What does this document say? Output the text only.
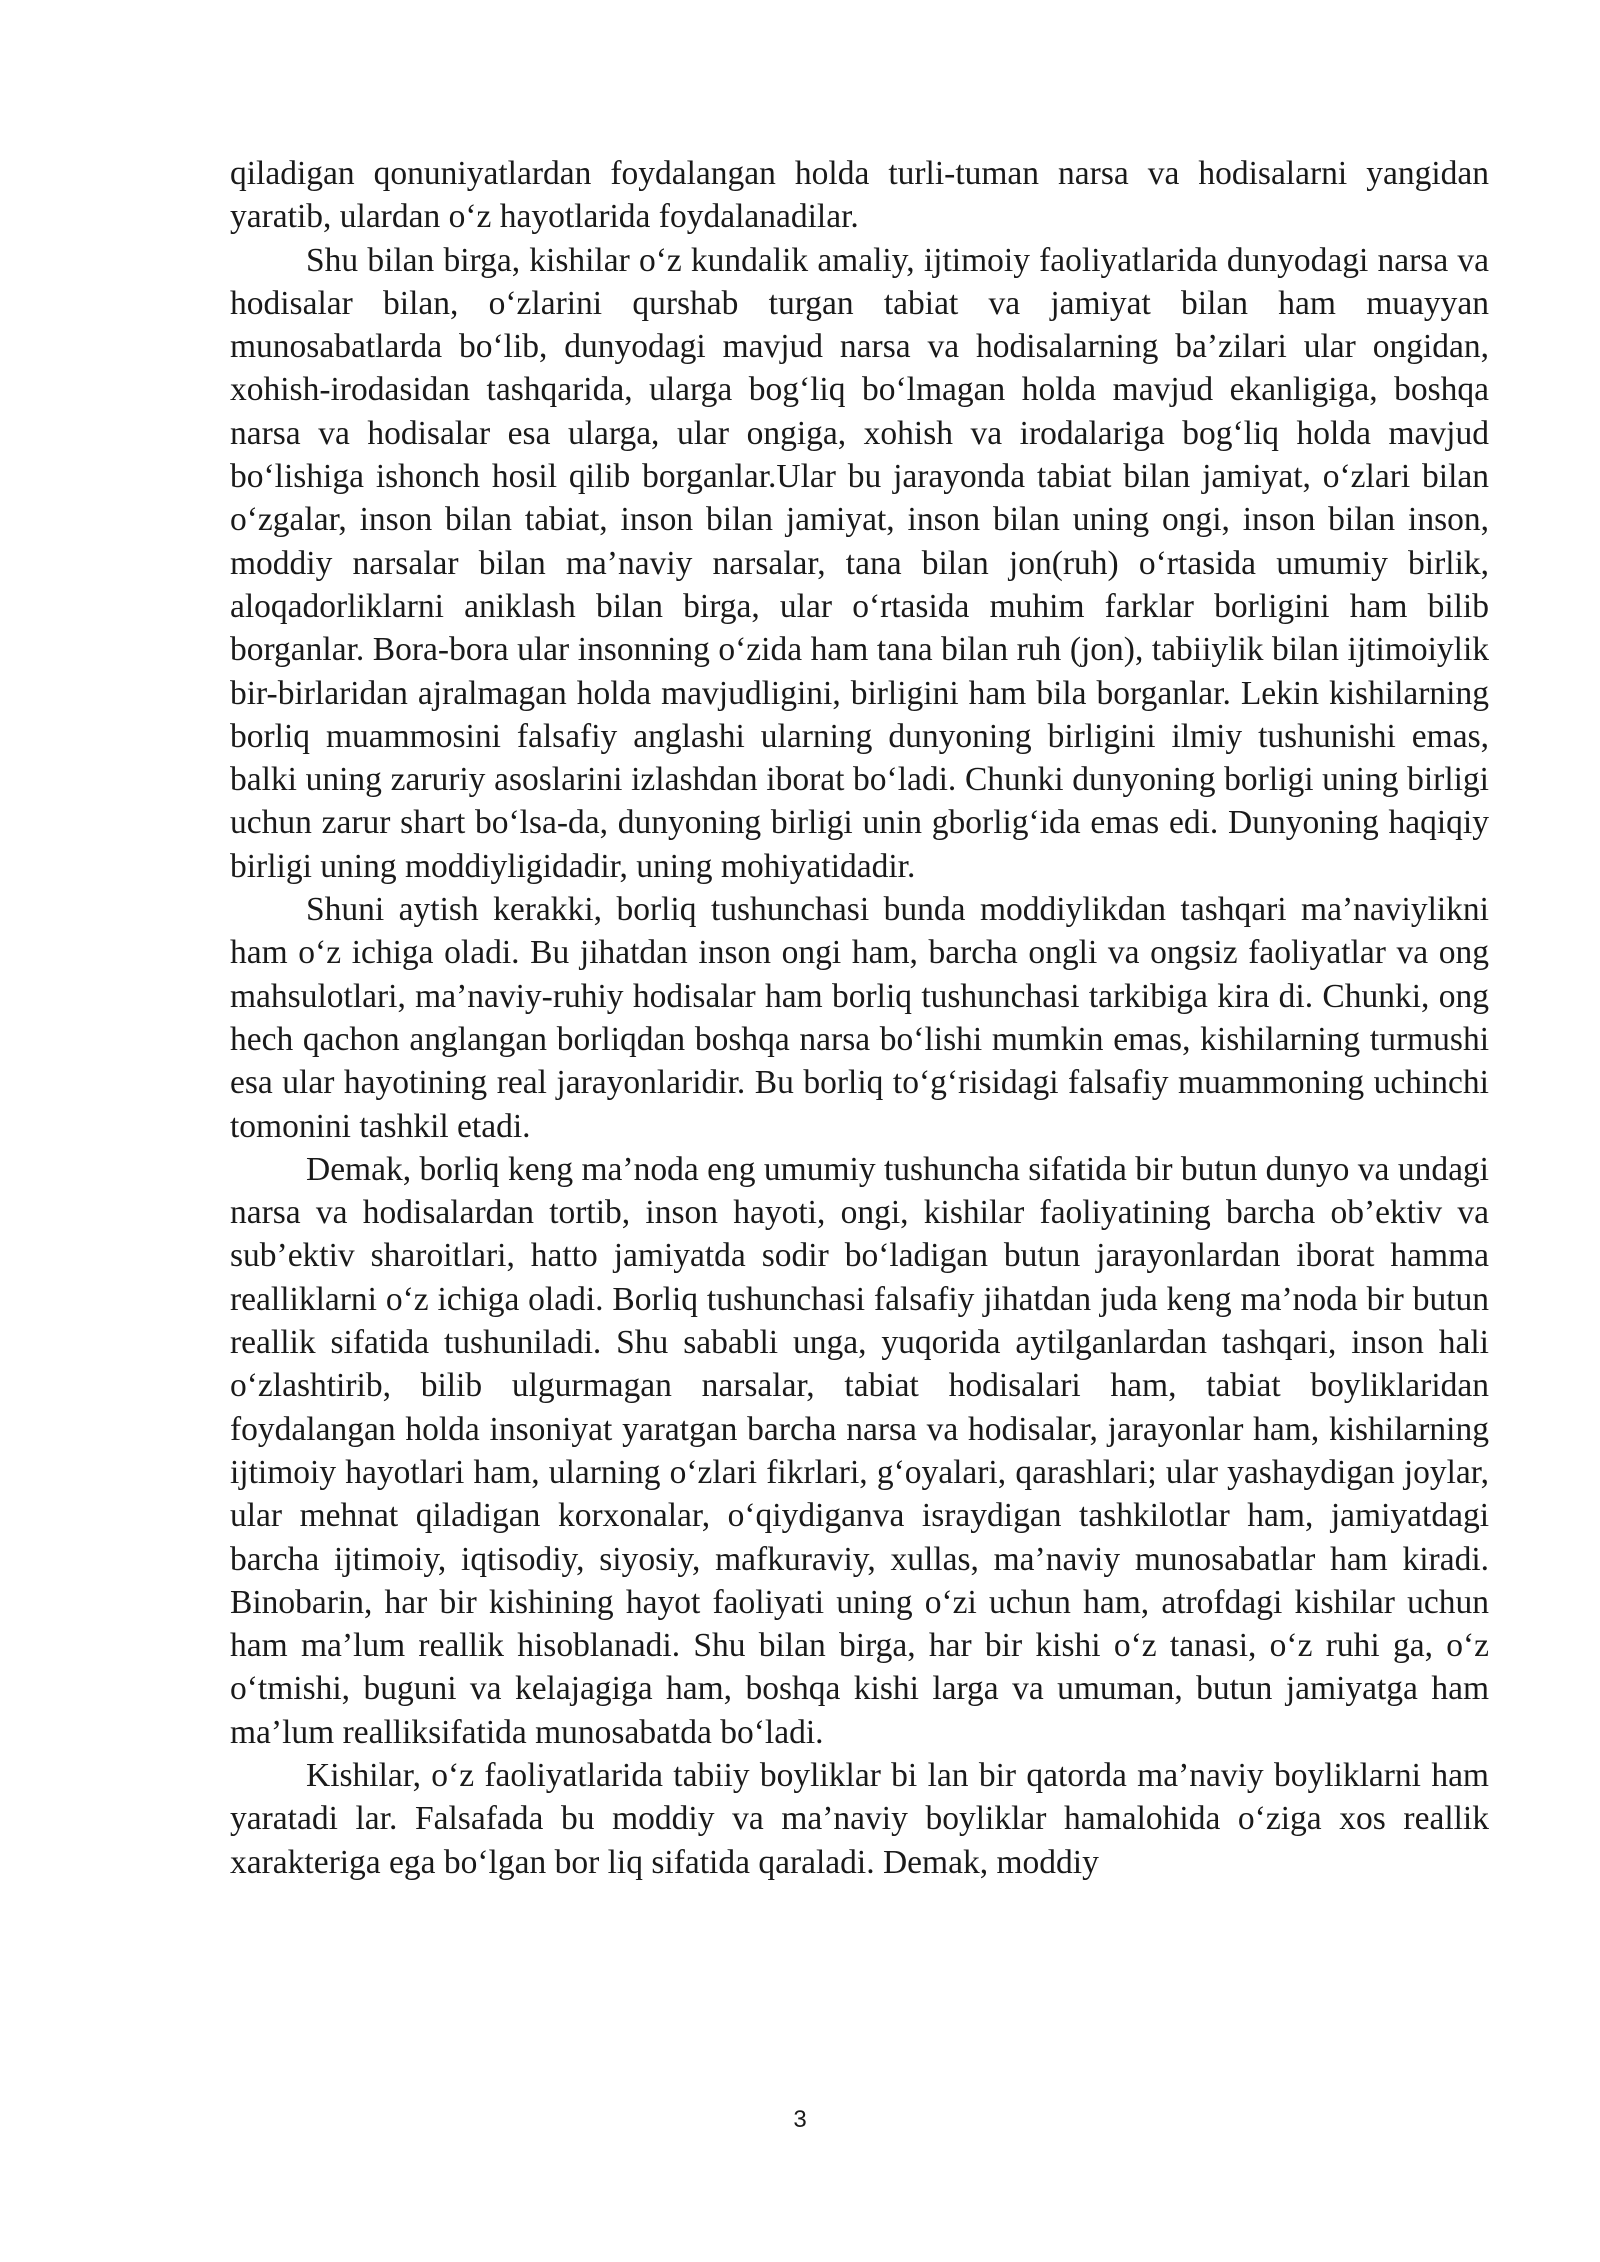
qiladigan qonuniyatlardan foydalangan holda turli-tuman narsa va hodisalarni yangidan yaratib, ulardan o‘z hayotlarida foydalanadilar.

Shu bilan birga, kishilar o‘z kundalik amaliy, ijtimoiy faoliyatlarida dunyodagi narsa va hodisalar bilan, o‘zlarini qurshab turgan tabiat va jamiyat bilan ham muayyan munosabatlarda bo‘lib, dunyodagi mavjud narsa va hodisalarning ba’zilari ular ongidan, xohish-irodasidan tashqarida, ularga bog‘liq bo‘lmagan holda mavjud ekanligiga, boshqa narsa va hodisalar esa ularga, ular ongiga, xohish va irodalariga bog‘liq holda mavjud bo‘lishiga ishonch hosil qilib borganlar.Ular bu jarayonda tabiat bilan jamiyat, o‘zlari bilan o‘zgalar, inson bilan tabiat, inson bilan jamiyat, inson bilan uning ongi, inson bilan inson, moddiy narsalar bilan ma’naviy narsalar, tana bilan jon(ruh) o‘rtasida umumiy birlik, aloqadorliklarni aniklash bilan birga, ular o‘rtasida muhim farklar borligini ham bilib borganlar. Bora-bora ular insonning o‘zida ham tana bilan ruh (jon), tabiiylik bilan ijtimoiylik bir-birlaridan ajralmagan holda mavjudligini, birligini ham bila borganlar. Lekin kishilarning borliq muammosini falsafiy anglashi ularning dunyoning birligini ilmiy tushunishi emas, balki uning zaruriy asoslarini izlashdan iborat bo‘ladi. Chunki dunyoning borligi uning birligi uchun zarur shart bo‘lsa-da, dunyoning birligi unin gborlig‘ida emas edi. Dunyoning haqiqiy birligi uning moddiyligidadir, uning mohiyatidadir.

Shuni aytish kerakki, borliq tushunchasi bunda moddiylikdan tashqari ma’naviylikni ham o‘z ichiga oladi. Bu jihatdan inson ongi ham, barcha ongli va ongsiz faoliyatlar va ong mahsulotlari, ma’naviy-ruhiy hodisalar ham borliq tushunchasi tarkibiga kira di. Chunki, ong hech qachon anglangan borliqdan boshqa narsa bo‘lishi mumkin emas, kishilarning turmushi esa ular hayotining real jarayonlaridir. Bu borliq to‘g‘risidagi falsafiy muammoning uchinchi tomonini tashkil etadi.

Demak, borliq keng ma’noda eng umumiy tushuncha sifatida bir butun dunyo va undagi narsa va hodisalardan tortib, inson hayoti, ongi, kishilar faoliyatining barcha ob’ektiv va sub’ektiv sharoitlari, hatto jamiyatda sodir bo‘ladigan butun jarayonlardan iborat hamma realliklarni o‘z ichiga oladi. Borliq tushunchasi falsafiy jihatdan juda keng ma’noda bir butun reallik sifatida tushuniladi. Shu sababli unga, yuqorida aytilganlardan tashqari, inson hali o‘zlashtirib, bilib ulgurmagan narsalar, tabiat hodisalari ham, tabiat boyliklaridan foydalangan holda insoniyat yaratgan barcha narsa va hodisalar, jarayonlar ham, kishilarning ijtimoiy hayotlari ham, ularning o‘zlari fikrlari, g‘oyalari, qarashlari; ular yashaydigan joylar, ular mehnat qiladigan korxonalar, o‘qiydiganva israydigan tashkilotlar ham, jamiyatdagi barcha ijtimoiy, iqtisodiy, siyosiy, mafkuraviy, xullas, ma’naviy munosabatlar ham kiradi. Binobarin, har bir kishining hayot faoliyati uning o‘zi uchun ham, atrofdagi kishilar uchun ham ma’lum reallik hisoblanadi. Shu bilan birga, har bir kishi o‘z tanasi, o‘z ruhi ga, o‘z o‘tmishi, buguni va kelajagiga ham, boshqa kishi larga va umuman, butun jamiyatga ham ma’lum realliksifatida munosabatda bo‘ladi.

Kishilar, o‘z faoliyatlarida tabiiy boyliklar bi lan bir qatorda ma’naviy boyliklarni ham yaratadi lar. Falsafada bu moddiy va ma’naviy boyliklar hamalohida o‘ziga xos reallik xarakteriga ega bo‘lgan bor liq sifatida qaraladi. Demak, moddiy

3
